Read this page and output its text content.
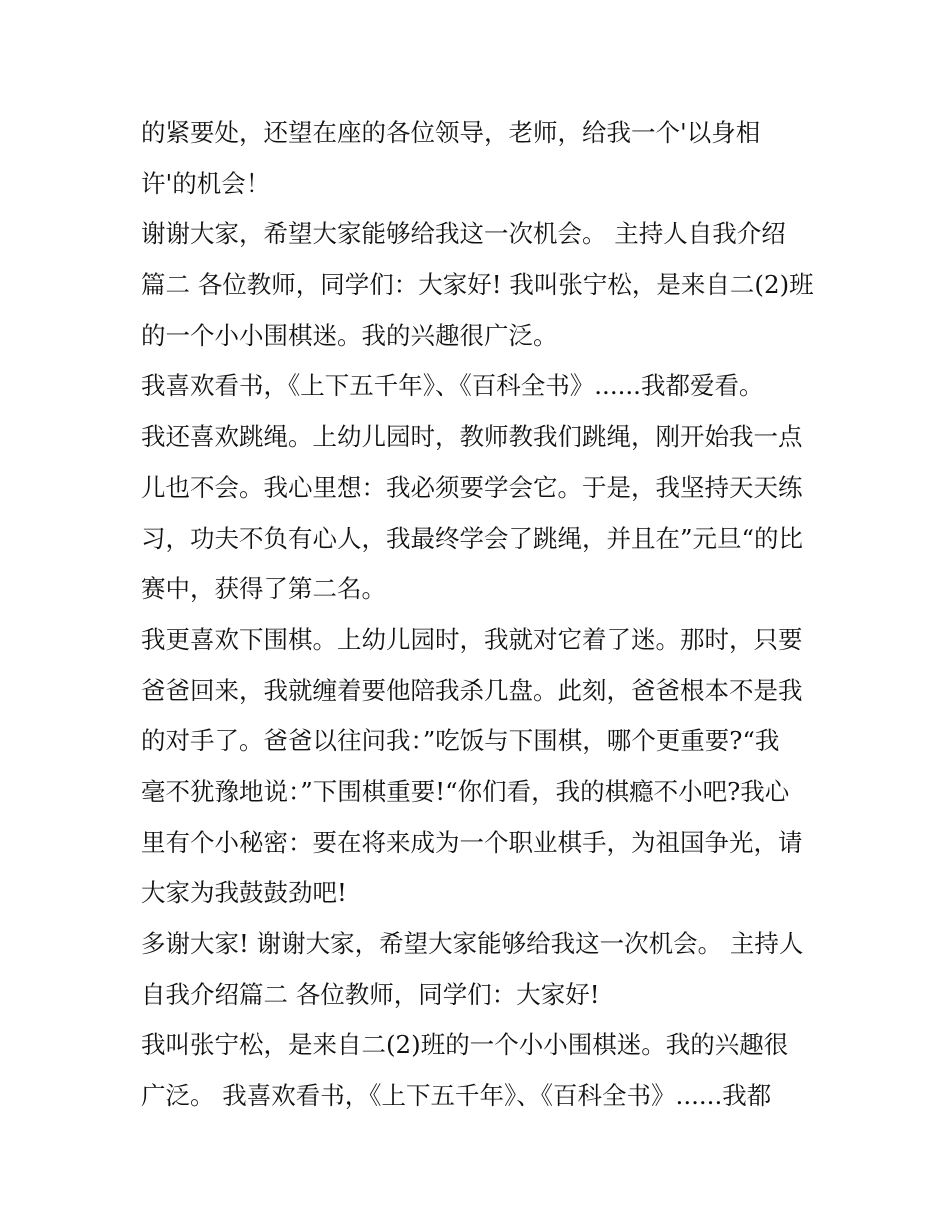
的紧要处，还望在座的各位领导，老师，给我一个'以身相
许'的机会！
谢谢大家，希望大家能够给我这一次机会。 主持人自我介绍
篇二 各位教师，同学们：大家好! 我叫张宁松，是来自二(2)班
的一个小小围棋迷。我的兴趣很广泛。
我喜欢看书，《上下五千年》、《百科全书》......我都爱看。
我还喜欢跳绳。上幼儿园时，教师教我们跳绳，刚开始我一点
儿也不会。我心里想：我必须要学会它。于是，我坚持天天练
习，功夫不负有心人，我最终学会了跳绳，并且在”元旦“的比
赛中，获得了第二名。
我更喜欢下围棋。上幼儿园时，我就对它着了迷。那时，只要
爸爸回来，我就缠着要他陪我杀几盘。此刻，爸爸根本不是我
的对手了。爸爸以往问我：”吃饭与下围棋，哪个更重要?“我
毫不犹豫地说：”下围棋重要!“你们看，我的棋瘾不小吧?我心
里有个小秘密：要在将来成为一个职业棋手，为祖国争光，请
大家为我鼓鼓劲吧!
多谢大家! 谢谢大家，希望大家能够给我这一次机会。 主持人
自我介绍篇二 各位教师，同学们：大家好!
我叫张宁松，是来自二(2)班的一个小小围棋迷。我的兴趣很
广泛。 我喜欢看书，《上下五千年》、《百科全书》......我都
